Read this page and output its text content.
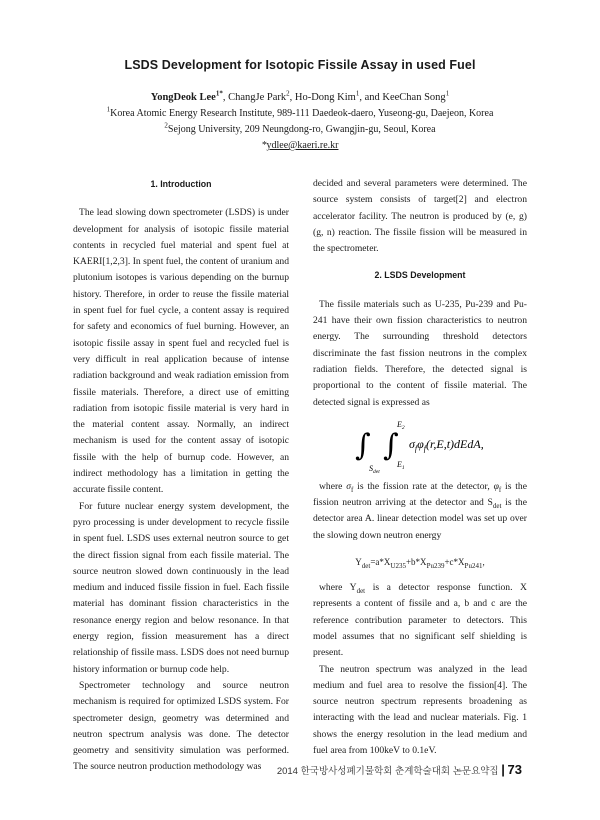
LSDS Development for Isotopic Fissile Assay in used Fuel
YongDeok Lee$^{1*}$, ChangJe Park$^2$, Ho-Dong Kim$^1$, and KeeChan Song$^1$
$^1$Korea Atomic Energy Research Institute, 989-111 Daedeok-daero, Yuseong-gu, Daejeon, Korea
$^2$Sejong University, 209 Neungdong-ro, Gwangjin-gu, Seoul, Korea
*ydlee@kaeri.re.kr
1. Introduction

The lead slowing down spectrometer (LSDS) is under development for analysis of isotopic fissile material contents in recycled fuel material and spent fuel at KAERI[1,2,3]. In spent fuel, the content of uranium and plutonium isotopes is various depending on the burnup history. Therefore, in order to reuse the fissile material in spent fuel for fuel cycle, a content assay is required for safety and economics of fuel burning. However, an isotopic fissile assay in spent fuel and recycled fuel is very difficult in real application because of intense radiation background and weak radiation emission from fissile materials. Therefore, a direct use of emitting radiation from isotopic fissile material is very hard in the material content assay. Normally, an indirect mechanism is used for the content assay of isotopic fissile with the help of burnup code. However, an indirect methodology has a limitation in getting the accurate fissile content.

For future nuclear energy system development, the pyro processing is under development to recycle fissile in spent fuel. LSDS uses external neutron source to get the direct fission signal from each fissile material. The source neutron slowed down continuously in the lead medium and induced fissile fission in fuel. Each fissile material has dominant fission characteristics in the resonance energy region and below resonance. In that energy region, fission measurement has a direct relationship of fissile mass. LSDS does not need burnup history information or burnup code help.

Spectrometer technology and source neutron mechanism is required for optimized LSDS system. For spectrometer design, geometry was determined and neutron spectrum analysis was done. The detector geometry and sensitivity simulation was performed. The source neutron production methodology was

decided and several parameters were determined. The source system consists of target[2] and electron accelerator facility. The neutron is produced by (e, g) (g, n) reaction. The fissile fission will be measured in the spectrometer.

2. LSDS Development

The fissile materials such as U-235, Pu-239 and Pu-241 have their own fission characteristics to neutron energy. The surrounding threshold detectors discriminate the fast fission neutrons in the complex radiation fields. Therefore, the detected signal is proportional to the content of fissile material. The detected signal is expressed as

∫
$S_{det}$
∫
$E_2$
$E_1$
$\sigma_f\varphi_f(r,E,t)dEdA$,

where $\sigma_f$ is the fission rate at the detector, $\varphi_f$ is the fission neutron arriving at the detector and $S_{det}$ is the detector area A. linear detection model was set up over the slowing down neutron energy

$Y_{det}=a*X_{U235}+b*X_{Pu239}+c*X_{Pu241}$,

where $Y_{det}$ is a detector response function. X represents a content of fissile and a, b and c are the reference contribution parameter to detectors. This model assumes that no significant self shielding is present.

The neutron spectrum was analyzed in the lead medium and fuel area to resolve the fission[4]. The source neutron spectrum represents broadening as interacting with the lead and nuclear materials. Fig. 1 shows the energy resolution in the lead medium and fuel area from 100keV to 0.1eV.

2014 한국방사성폐기물학회 춘계학술대회 논문요약집 | 73
